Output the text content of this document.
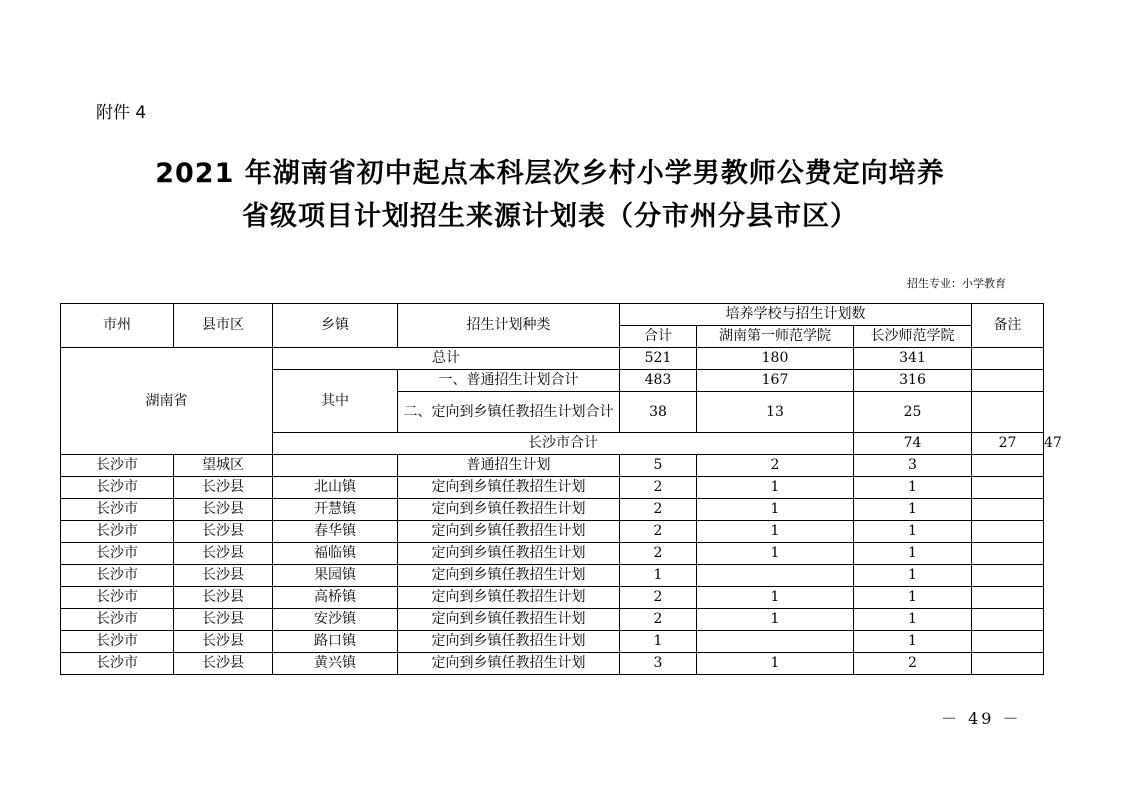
附件 4
2021 年湖南省初中起点本科层次乡村小学男教师公费定向培养
省级项目计划招生来源计划表（分市州分县市区）
招生专业：小学教育
市州	县市区	乡镇	招生计划种类	培养学校与招生计划数			备注	
				合计	湖南第一师范学院	长沙师范学院		
湖南省		总计		521	180	341		
		其中	一、普通招生计划合计	483	167	316		
			二、定向到乡镇任教招生计划合计	38	13	25		
		长沙市合计				74	27	47	
长沙市	望城区		普通招生计划	5	2	3		
长沙市	长沙县	北山镇	定向到乡镇任教招生计划	2	1	1		
长沙市	长沙县	开慧镇	定向到乡镇任教招生计划	2	1	1		
长沙市	长沙县	春华镇	定向到乡镇任教招生计划	2	1	1		
长沙市	长沙县	福临镇	定向到乡镇任教招生计划	2	1	1		
长沙市	长沙县	果园镇	定向到乡镇任教招生计划	1		1		
长沙市	长沙县	高桥镇	定向到乡镇任教招生计划	2	1	1		
长沙市	长沙县	安沙镇	定向到乡镇任教招生计划	2	1	1		
长沙市	长沙县	路口镇	定向到乡镇任教招生计划	1		1		
长沙市	长沙县	黄兴镇	定向到乡镇任教招生计划	3	1	2		
－ 49 －
